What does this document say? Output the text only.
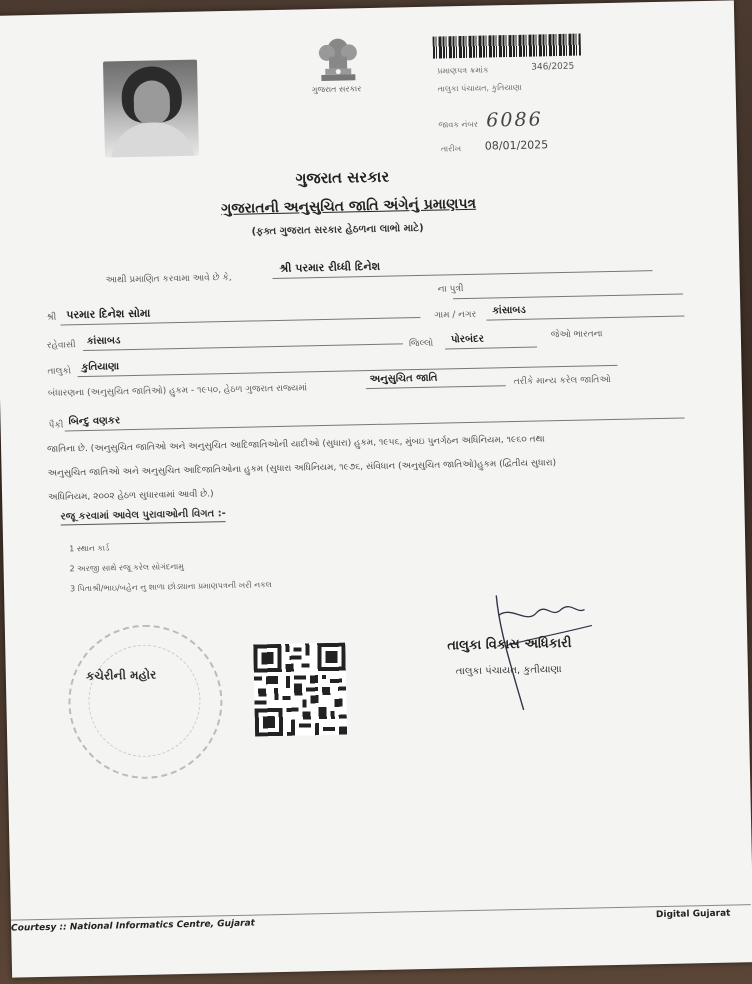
ગુજરાત સરકાર
પ્રમાણપત્ર ક્રમાંક	346/2025
તાલુકા પંચાયત, કુતિયાણા
જાવક નંબર 6086
તારીખ 08/01/2025
ગુજરાત સરકાર
ગુજરાતની અનુસુચિત જાતિ અંગેનું પ્રમાણપત્ર
(ફક્ત ગુજરાત સરકાર હેઠળના લાભો માટે)
આથી પ્રમાણિત કરવામા આવે છે કે,
શ્રી પરમાર રીધ્ધી દિનેશ
ના પુત્રી
શ્રી પરમાર દિનેશ સોમા	ગામ / નગર કાંસાબડ
રહેવાસી કાંસાબડ	જિલ્લો પોરબંદર	જેઓ ભારતના
તાલુકો કુતિયાણા
બંધારણના (અનુસુચિત જાતિઓ) હુકમ - ૧૯૫૦, હેઠળ ગુજરાત રાજ્યમાં
અનુસુચિત જાતિ	તરીકે માન્ય કરેલ જાતિઓ
પૈકી બિન્દુ વણકર
જાતિના છે. (અનુસુચિત જાતિઓ અને અનુસુચિત આદિજાતિઓની યાદીઓ (સુધારા) હુકમ, ૧૯૫૬, મુંબઇ પુનર્ગઠન અધિનિયમ, ૧૯૬૦ તથા
અનુસુચિત જાતિઓ અને અનુસુચિત આદિજાતિઓના હુકમ (સુધારા અધિનિયમ, ૧૯૭૬, સંવિધાન (અનુસુચિત જાતિઓ)હુકમ (દ્વિતીય સુધારા)
અધિનિયમ, ૨૦૦૨ હેઠળ સુધારવામાં આવી છે.)
રજૂ કરવામાં આવેલ પુરાવાઓની વિગત :-
1 સ્થાન કાર્ડ
2 અરજી સાથે રજૂ કરેલ સોગંદનામુ
3 પિતાશ્રી/ભાઇ/બહેન નુ શાળા છોડ્યાના પ્રમાણપત્રની ખરી નકલ
કચેરીની મહોર
તાલુકા વિકાસ અધિકારી
તાલુકા પંચાયત, કુતીયાણા
Courtesy :: National Informatics Centre, Gujarat
Digital Gujarat
